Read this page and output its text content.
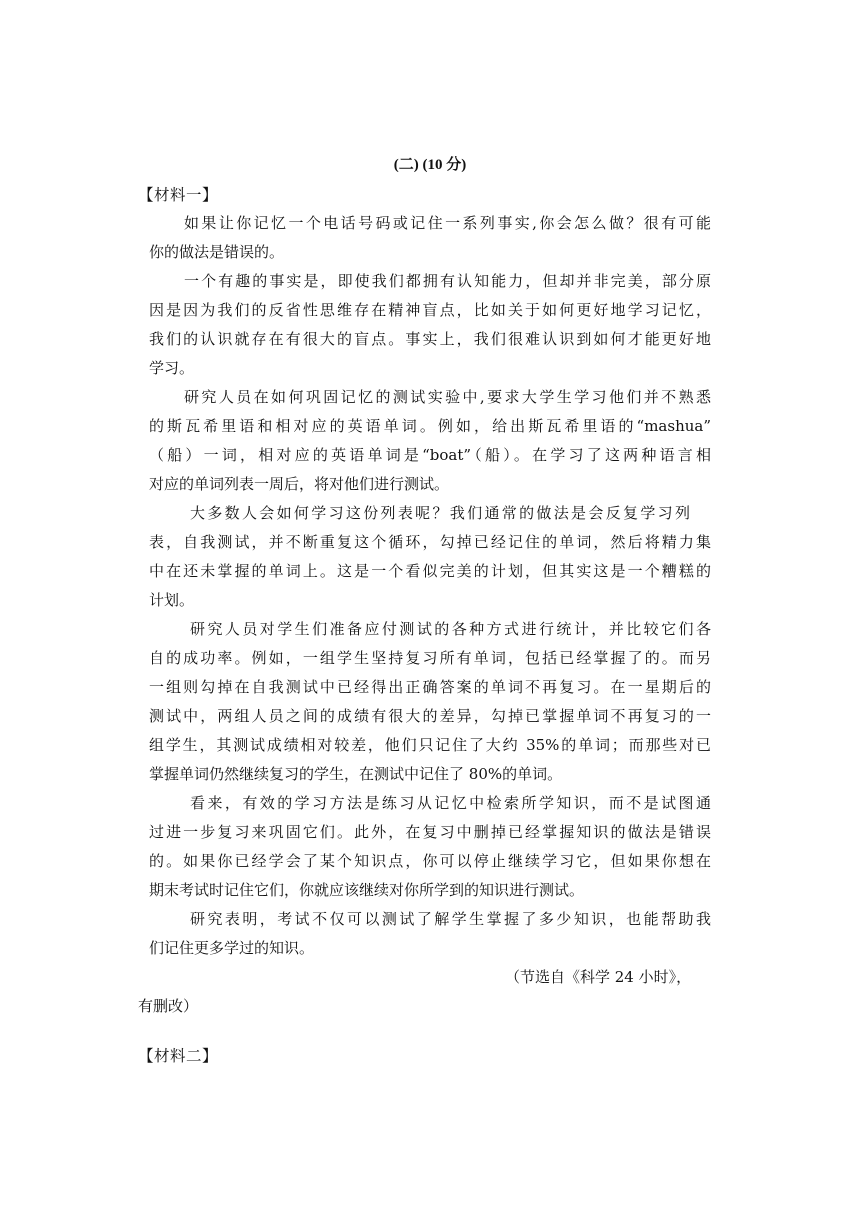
(二) (10 分)
【材料一】
如果让你记忆一个电话号码或记住一系列事实,你会怎么做？很有可能
你的做法是错误的。
一个有趣的事实是，即使我们都拥有认知能力，但却并非完美，部分原
因是因为我们的反省性思维存在精神盲点，比如关于如何更好地学习记忆，
我们的认识就存在有很大的盲点。事实上，我们很难认识到如何才能更好地
学习。
研究人员在如何巩固记忆的测试实验中,要求大学生学习他们并不熟悉
的斯瓦希里语和相对应的英语单词。例如，给出斯瓦希里语的“mashua”
（船）一词，相对应的英语单词是“boat”（船）。在学习了这两种语言相
对应的单词列表一周后，将对他们进行测试。
大多数人会如何学习这份列表呢？我们通常的做法是会反复学习列
表，自我测试，并不断重复这个循环，勾掉已经记住的单词，然后将精力集
中在还未掌握的单词上。这是一个看似完美的计划，但其实这是一个糟糕的
计划。
研究人员对学生们准备应付测试的各种方式进行统计，并比较它们各
自的成功率。例如，一组学生坚持复习所有单词，包括已经掌握了的。而另
一组则勾掉在自我测试中已经得出正确答案的单词不再复习。在一星期后的
测试中，两组人员之间的成绩有很大的差异，勾掉已掌握单词不再复习的一
组学生，其测试成绩相对较差，他们只记住了大约 35%的单词；而那些对已
掌握单词仍然继续复习的学生，在测试中记住了 80%的单词。
看来，有效的学习方法是练习从记忆中检索所学知识，而不是试图通
过进一步复习来巩固它们。此外，在复习中删掉已经掌握知识的做法是错误
的。如果你已经学会了某个知识点，你可以停止继续学习它，但如果你想在
期末考试时记住它们，你就应该继续对你所学到的知识进行测试。
研究表明，考试不仅可以测试了解学生掌握了多少知识，也能帮助我
们记住更多学过的知识。
（节选自《科学 24 小时》，
有删改）
【材料二】
